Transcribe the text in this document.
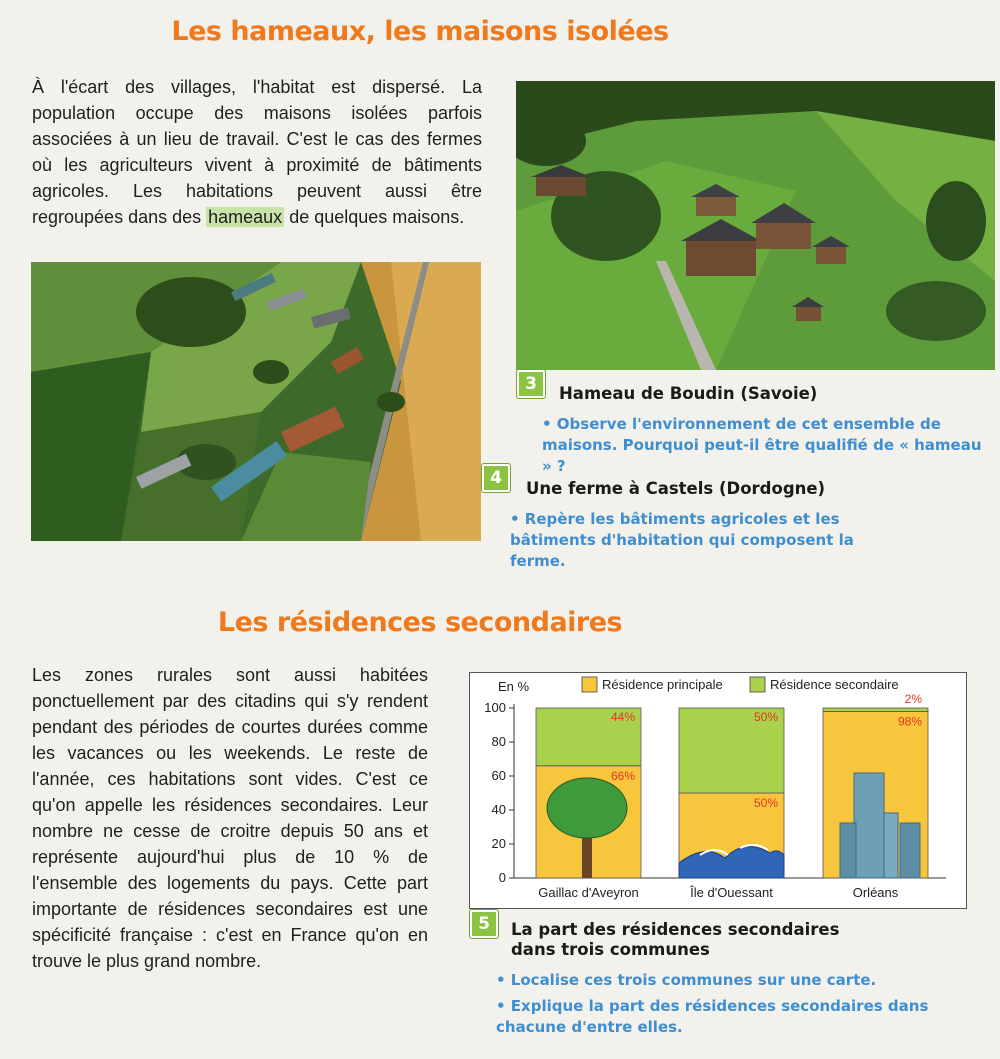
Les hameaux, les maisons isolées

À l'écart des villages, l'habitat est dispersé. La population occupe des maisons isolées parfois associées à un lieu de travail. C'est le cas des fermes où les agriculteurs vivent à proximité de bâtiments agricoles. Les habitations peuvent aussi être regroupées dans des hameaux de quelques maisons.

3	Hameau de Boudin (Savoie)
• Observe l'environnement de cet ensemble de maisons. Pourquoi peut-il être qualifié de « hameau » ?
4
Une ferme à Castels (Dordogne)
• Repère les bâtiments agricoles et les bâtiments d'habitation qui composent la ferme.
Les résidences secondaires

Les zones rurales sont aussi habitées ponctuellement par des citadins qui s'y rendent pendant des périodes de courtes durées comme les vacances ou les weekends. Le reste de l'année, ces habitations sont vides. C'est ce qu'on appelle les résidences secondaires. Leur nombre ne cesse de croitre depuis 50 ans et représente aujourd'hui plus de 10 % de l'ensemble des logements du pays. Cette part importante de résidences secondaires est une spécificité française : c'est en France qu'on en trouve le plus grand nombre.

En %	Résidence principale	Résidence secondaire
0
20
40
60
80
100
66%
44%
Gaillac d'Aveyron
50%
50%
Île d'Ouessant
98%
2%
Orléans
5	La part des résidences secondaires
dans trois communes
• Localise ces trois communes sur une carte.
• Explique la part des résidences secondaires dans chacune d'entre elles.
